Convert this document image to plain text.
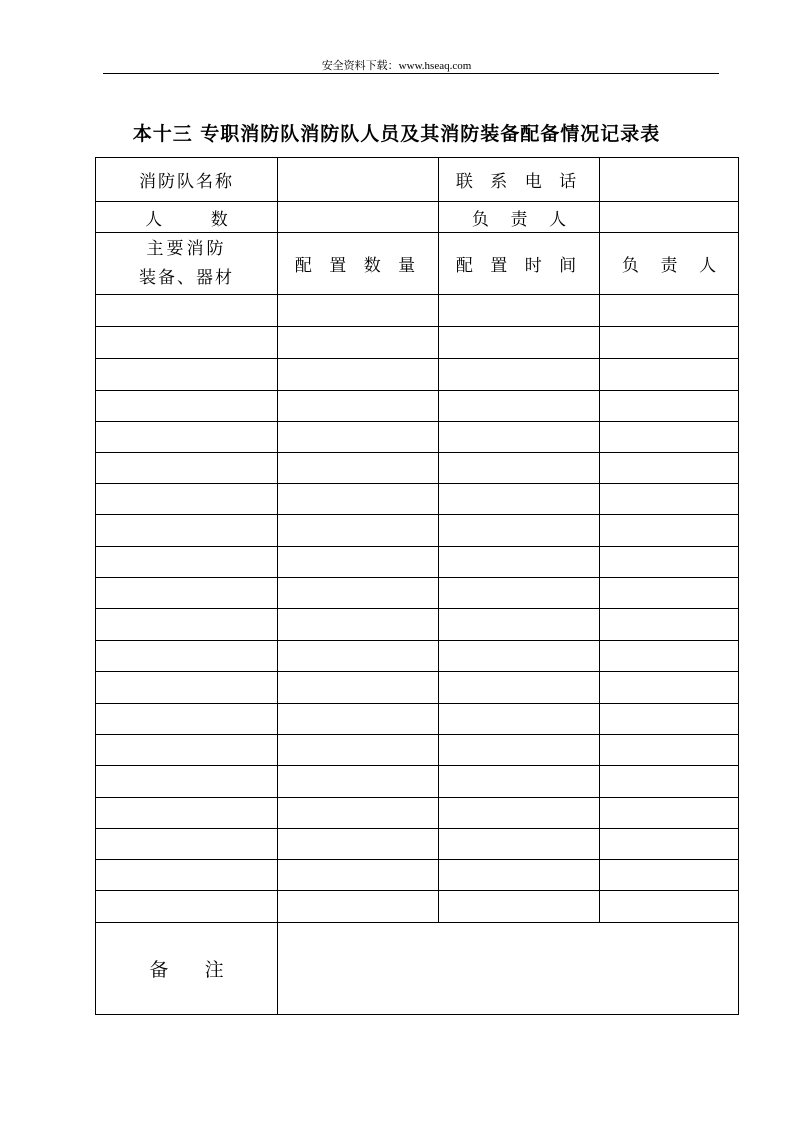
安全资料下载：www.hseaq.com
本十三 专职消防队消防队人员及其消防装备配备情况记录表
消防队名称		联 系 电 话	
人         数		负    责    人	

主要消防
装备、器材	配 置 数 量	配 置 时 间	负    责    人

备      注			
